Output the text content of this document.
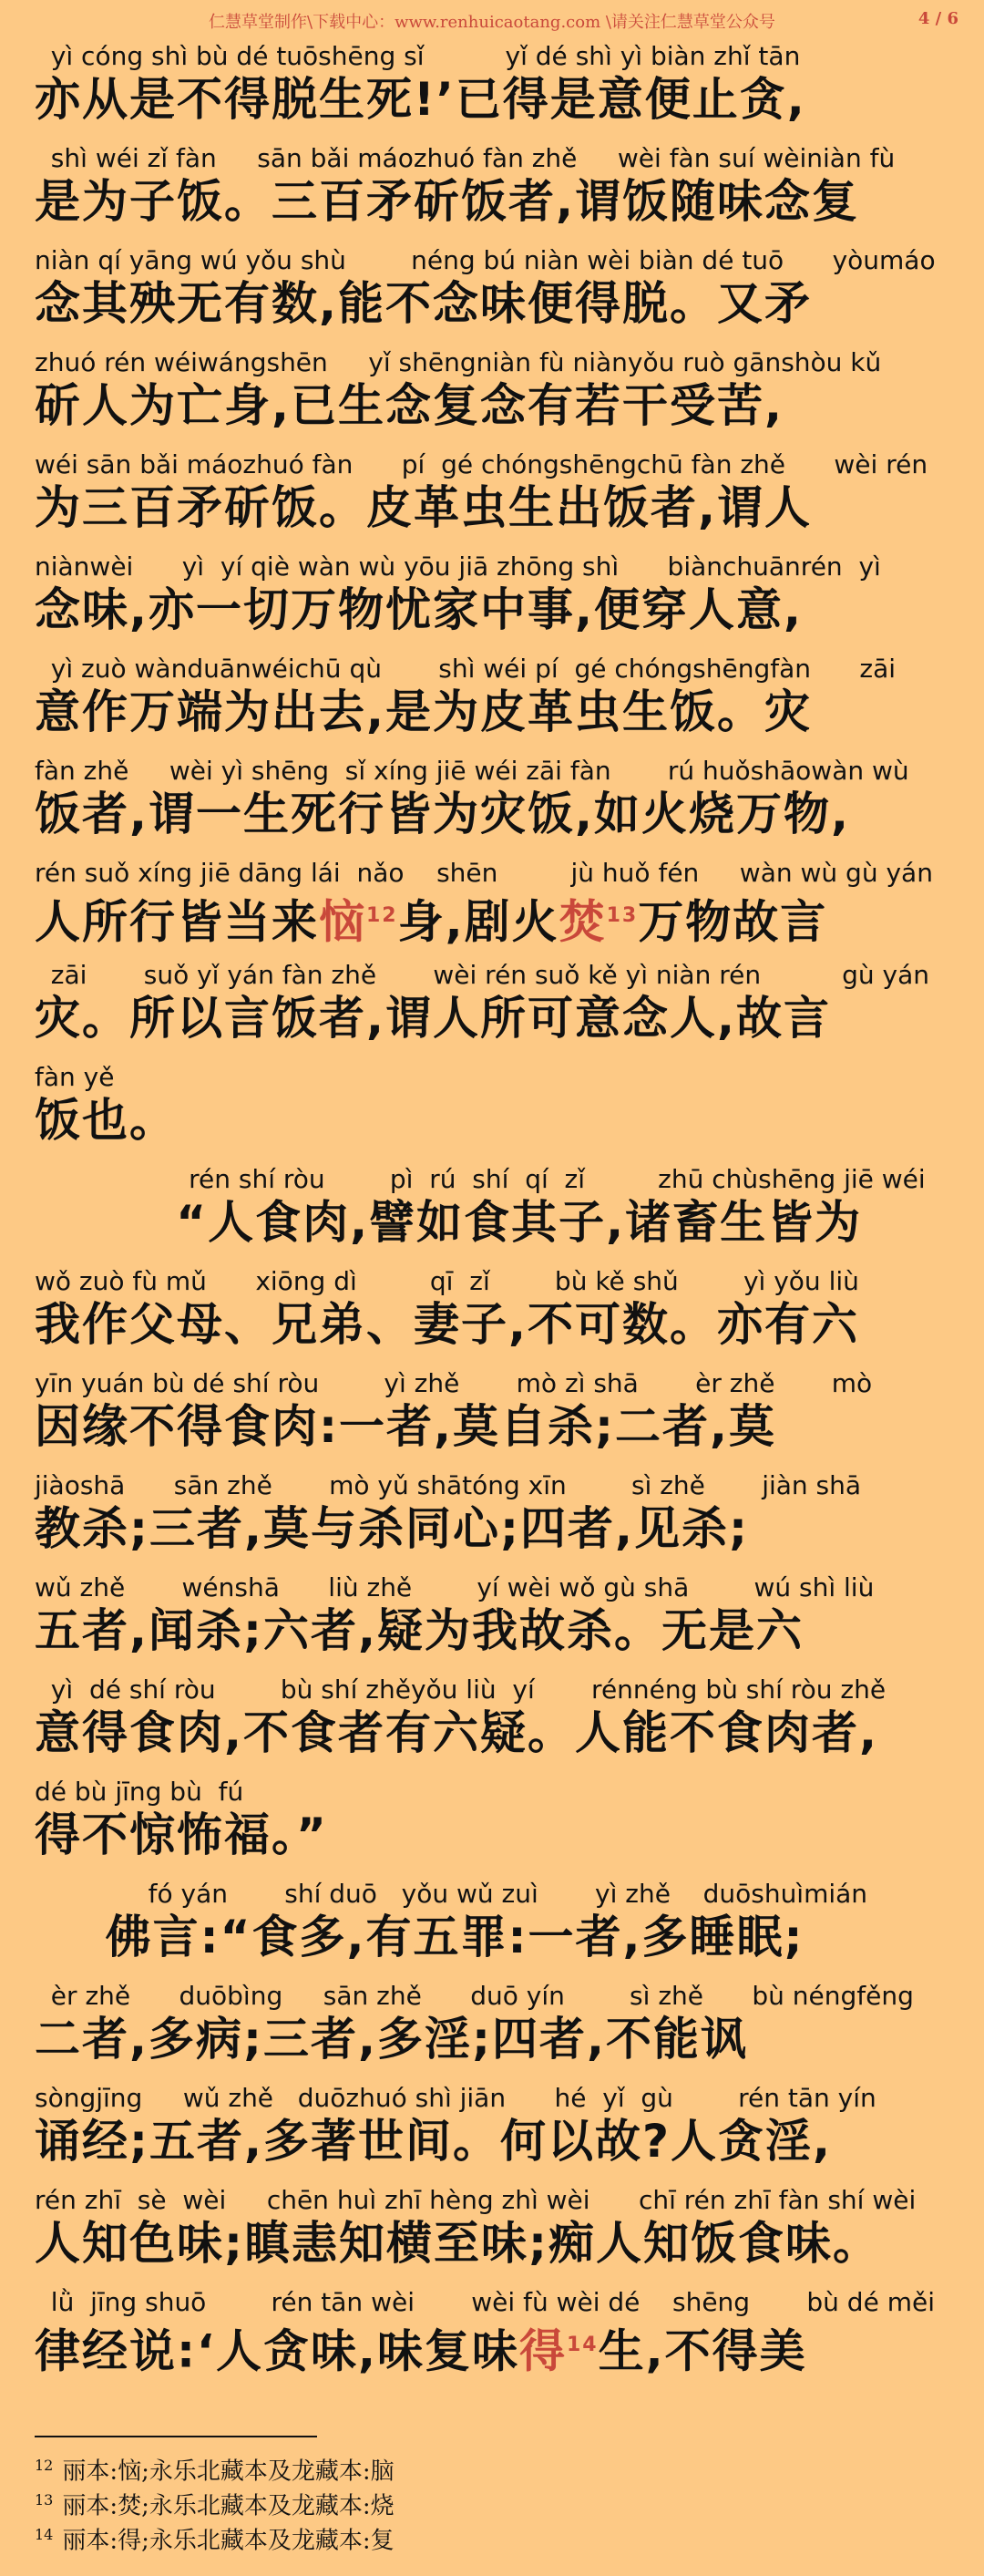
仁慧草堂制作\下载中心：www.renhuicaotang.com \请关注仁慧草堂公众号	4 / 6
yì cóng shì bù dé tuōshēng sǐ          yǐ dé shì yì biàn zhǐ tān
亦从是不得脱生死!’已得是意便止贪,
shì wéi zǐ fàn     sān bǎi máozhuó fàn zhě     wèi fàn suí wèiniàn fù
是为子饭。三百矛斫饭者,谓饭随味念复
niàn qí yāng wú yǒu shù        néng bú niàn wèi biàn dé tuō      yòumáo
念其殃无有数,能不念味便得脱。又矛
zhuó rén wéiwángshēn     yǐ shēngniàn fù niànyǒu ruò gānshòu kǔ
斫人为亡身,已生念复念有若干受苦,
wéi sān bǎi máozhuó fàn      pí  gé chóngshēngchū fàn zhě      wèi rén
为三百矛斫饭。皮革虫生出饭者,谓人
niànwèi      yì  yí qiè wàn wù yōu jiā zhōng shì      biànchuānrén  yì
念味,亦一切万物忧家中事,便穿人意,
yì zuò wànduānwéichū qù       shì wéi pí  gé chóngshēngfàn      zāi
意作万端为出去,是为皮革虫生饭。灾
fàn zhě     wèi yì shēng  sǐ xíng jiē wéi zāi fàn       rú huǒshāowàn wù
饭者,谓一生死行皆为灾饭,如火烧万物,
rén suǒ xíng jiē dāng lái  nǎo    shēn         jù huǒ fén     wàn wù gù yán
人所行皆当来恼$^{12}$身,剧火焚$^{13}$万物故言
zāi       suǒ yǐ yán fàn zhě       wèi rén suǒ kě yì niàn rén          gù yán
灾。所以言饭者,谓人所可意念人,故言
fàn yě
饭也。
rén shí ròu        pì  rú  shí  qí  zǐ         zhū chùshēng jiē wéi
“人食肉,譬如食其子,诸畜生皆为
wǒ zuò fù mǔ      xiōng dì         qī  zǐ        bù kě shǔ        yì yǒu liù
我作父母、兄弟、妻子,不可数。亦有六
yīn yuán bù dé shí ròu        yì zhě       mò zì shā       èr zhě       mò
因缘不得食肉:一者,莫自杀;二者,莫
jiàoshā      sān zhě       mò yǔ shātóng xīn        sì zhě       jiàn shā
教杀;三者,莫与杀同心;四者,见杀;
wǔ zhě       wénshā      liù zhě        yí wèi wǒ gù shā        wú shì liù
五者,闻杀;六者,疑为我故杀。无是六
yì  dé shí ròu        bù shí zhěyǒu liù  yí       rénnéng bù shí ròu zhě
意得食肉,不食者有六疑。人能不食肉者,
dé bù jīng bù  fú
得不惊怖福。”
fó yán       shí duō   yǒu wǔ zuì       yì zhě    duōshuìmián
佛言:“食多,有五罪:一者,多睡眠;
èr zhě      duōbìng     sān zhě      duō yín        sì zhě      bù néngfěng
二者,多病;三者,多淫;四者,不能讽
sòngjīng     wǔ zhě   duōzhuó shì jiān      hé  yǐ  gù        rén tān yín
诵经;五者,多著世间。何以故?人贪淫,
rén zhī  sè  wèi     chēn huì zhī hèng zhì wèi      chī rén zhī fàn shí wèi
人知色味;瞋恚知横至味;痴人知饭食味。
lǜ  jīng shuō        rén tān wèi       wèi fù wèi dé    shēng       bù dé měi
律经说:‘人贪味,味复味得$^{14}$生,不得美
$^{12}$ 丽本:恼;永乐北藏本及龙藏本:脑
$^{13}$ 丽本:焚;永乐北藏本及龙藏本:烧
$^{14}$ 丽本:得;永乐北藏本及龙藏本:复
